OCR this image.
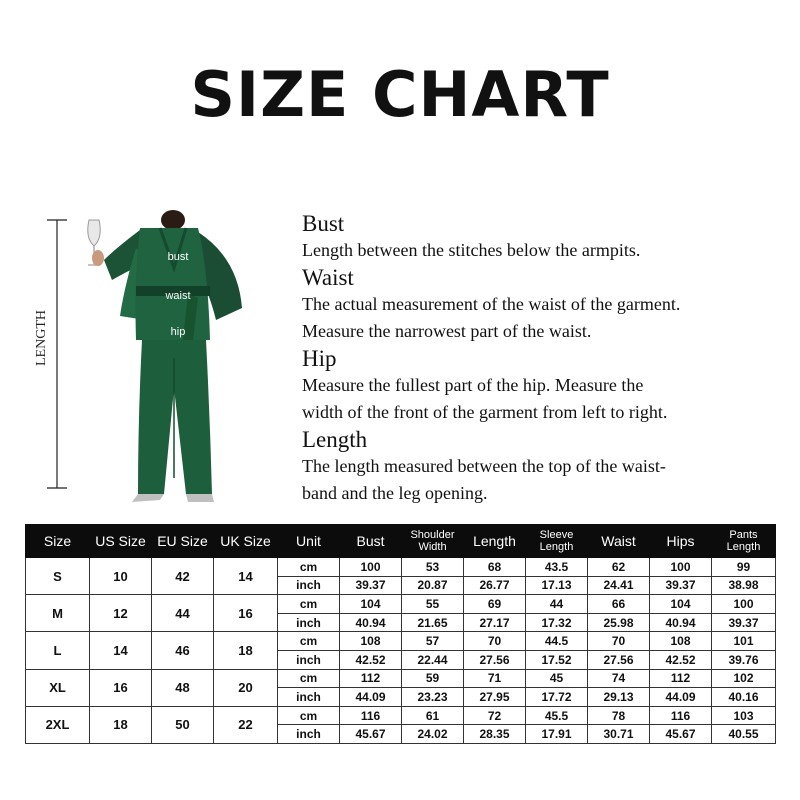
SIZE CHART
LENGTH
bust
waist
hip
Bust
Length between the stitches below the armpits.
Waist
The actual measurement of the waist of the garment.
Measure the narrowest part of the waist.
Hip
Measure the fullest part of the hip. Measure the
width of the front of the garment from left to right.
Length
The length measured between the top of the waist-
band and the leg opening.
Size	US Size	EU Size	UK Size	Unit	Bust	Shoulder Width	Length	Sleeve Length	Waist	Hips	Pants Length
S	10	42	14	cm	100	53	68	43.5	62	100	99
				inch	39.37	20.87	26.77	17.13	24.41	39.37	38.98
M	12	44	16	cm	104	55	69	44	66	104	100
				inch	40.94	21.65	27.17	17.32	25.98	40.94	39.37
L	14	46	18	cm	108	57	70	44.5	70	108	101
				inch	42.52	22.44	27.56	17.52	27.56	42.52	39.76
XL	16	48	20	cm	112	59	71	45	74	112	102
				inch	44.09	23.23	27.95	17.72	29.13	44.09	40.16
2XL	18	50	22	cm	116	61	72	45.5	78	116	103
				inch	45.67	24.02	28.35	17.91	30.71	45.67	40.55
